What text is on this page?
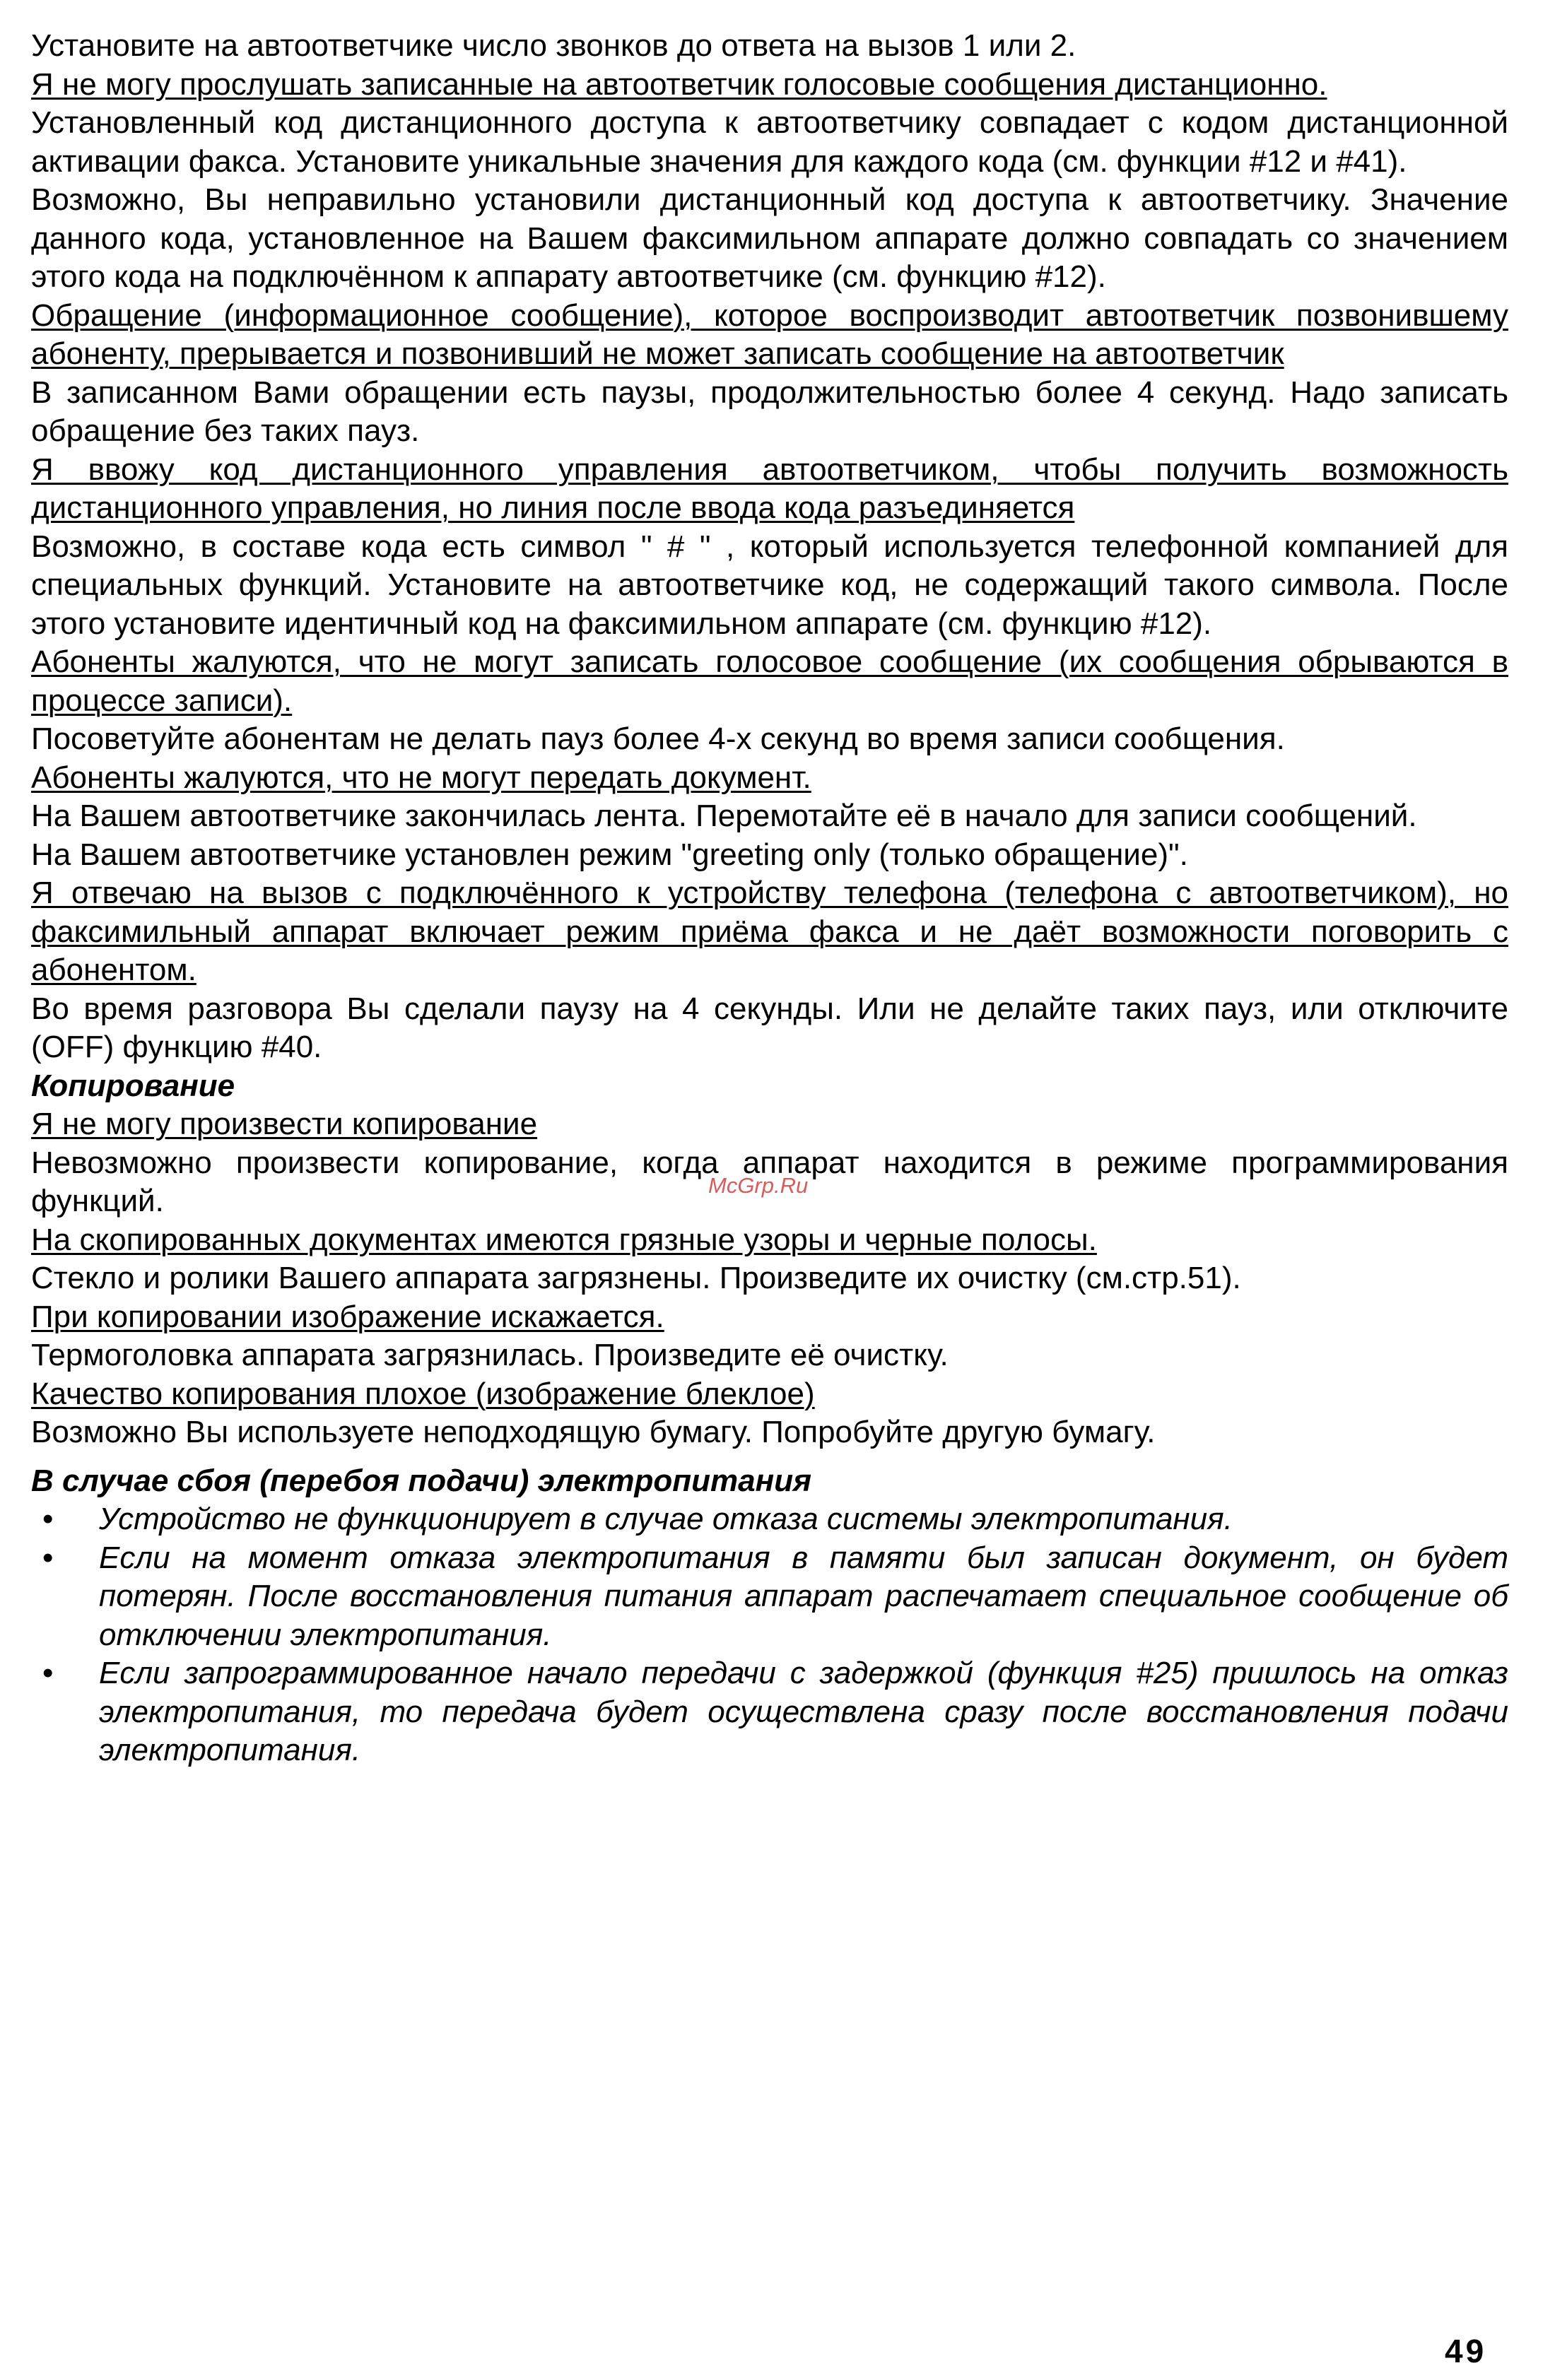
Установите на автоответчике число звонков до ответа на вызов 1 или 2.

Я не могу прослушать записанные на автоответчик голосовые сообщения дистанционно.

Установленный код дистанционного доступа к автоответчику совпадает с кодом дистанционной активации факса. Установите уникальные значения для каждого кода (см. функции #12 и #41).

Возможно, Вы неправильно установили дистанционный код доступа к автоответчику. Значение данного кода, установленное на Вашем факсимильном аппарате должно совпадать со значением этого кода на подключённом к аппарату автоответчике (см. функцию #12).

Обращение (информационное сообщение), которое воспроизводит автоответчик позвонившему абоненту, прерывается и позвонивший не может записать сообщение на автоответчик

В записанном Вами обращении есть паузы, продолжительностью более 4 секунд. Надо записать обращение без таких пауз.

Я ввожу код дистанционного управления автоответчиком, чтобы получить возможность дистанционного управления, но линия после ввода кода разъединяется

Возможно, в составе кода есть символ " # " , который используется телефонной компанией для специальных функций. Установите на автоответчике код, не содержащий такого символа. После этого установите идентичный код на факсимильном аппарате (см. функцию #12).

Абоненты жалуются, что не могут записать голосовое сообщение (их сообщения обрываются в процессе записи).

Посоветуйте абонентам не делать пауз более 4-х секунд во время записи сообщения.

Абоненты жалуются, что не могут передать документ.

На Вашем автоответчике закончилась лента. Перемотайте её в начало для записи сообщений.

На Вашем автоответчике установлен режим "greeting only (только обращение)".

Я отвечаю на вызов с подключённого к устройству телефона (телефона с автоответчиком), но факсимильный аппарат включает режим приёма факса и не даёт возможности поговорить с абонентом.

Во время разговора Вы сделали паузу на 4 секунды. Или не делайте таких пауз, или отключите (OFF) функцию #40.

Копирование

Я не могу произвести копирование

Невозможно произвести копирование, когда аппарат находится в режиме программирования функций.

На скопированных документах имеются грязные узоры и черные полосы.

Стекло и ролики Вашего аппарата загрязнены. Произведите их очистку (см.стр.51).

При копировании изображение искажается.

Термоголовка аппарата загрязнилась. Произведите её очистку.

Качество копирования плохое (изображение блеклое)

Возможно Вы используете неподходящую бумагу. Попробуйте другую бумагу.

В случае сбоя (перебоя подачи) электропитания

• Устройство не функционирует в случае отказа системы электропитания.
• Если на момент отказа электропитания в памяти был записан документ, он будет потерян. После восстановления питания аппарат распечатает специальное сообщение об отключении электропитания.
• Если запрограммированное начало передачи с задержкой (функция #25) пришлось на отказ электропитания, то передача будет осуществлена сразу после восстановления подачи электропитания.
McGrp.Ru
49
